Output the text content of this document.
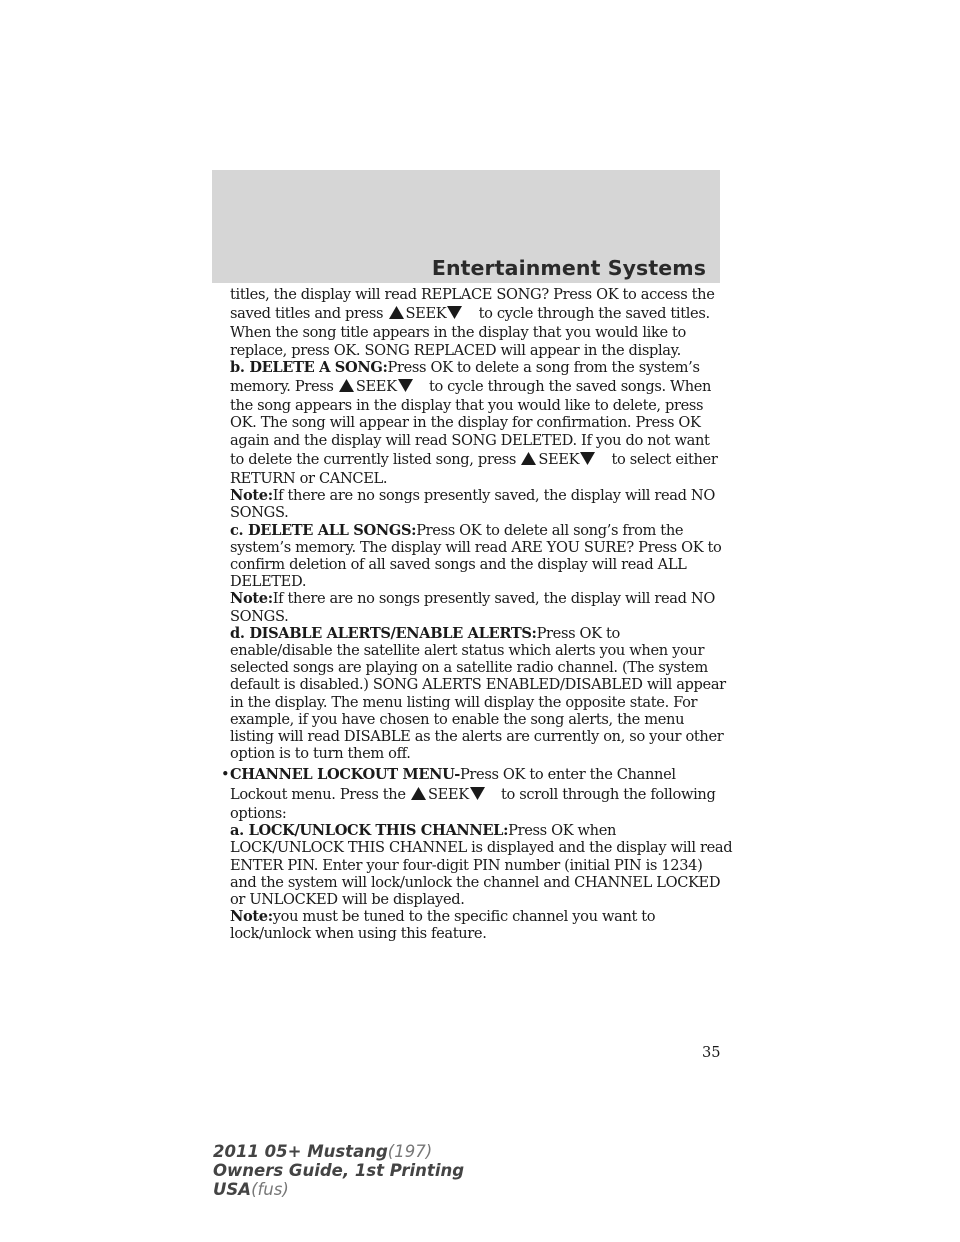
Entertainment Systems
titles, the display will read REPLACE SONG? Press OK to access the
saved titles and press SEEK to cycle through the saved titles.
When the song title appears in the display that you would like to
replace, press OK. SONG REPLACED will appear in the display.
b. DELETE A SONG:Press OK to delete a song from the system’s
memory. Press SEEK to cycle through the saved songs. When
the song appears in the display that you would like to delete, press
OK. The song will appear in the display for confirmation. Press OK
again and the display will read SONG DELETED. If you do not want
to delete the currently listed song, press SEEK to select either
RETURN or CANCEL.
Note:If there are no songs presently saved, the display will read NO
SONGS.
c. DELETE ALL SONGS:Press OK to delete all song’s from the
system’s memory. The display will read ARE YOU SURE? Press OK to
confirm deletion of all saved songs and the display will read ALL
DELETED.
Note:If there are no songs presently saved, the display will read NO
SONGS.
d. DISABLE ALERTS/ENABLE ALERTS:Press OK to
enable/disable the satellite alert status which alerts you when your
selected songs are playing on a satellite radio channel. (The system
default is disabled.) SONG ALERTS ENABLED/DISABLED will appear
in the display. The menu listing will display the opposite state. For
example, if you have chosen to enable the song alerts, the menu
listing will read DISABLE as the alerts are currently on, so your other
option is to turn them off.
• CHANNEL LOCKOUT MENU-Press OK to enter the Channel
Lockout menu. Press the SEEK to scroll through the following
options:
a. LOCK/UNLOCK THIS CHANNEL:Press OK when
LOCK/UNLOCK THIS CHANNEL is displayed and the display will read
ENTER PIN. Enter your four-digit PIN number (initial PIN is 1234)
and the system will lock/unlock the channel and CHANNEL LOCKED
or UNLOCKED will be displayed.
Note:you must be tuned to the specific channel you want to
lock/unlock when using this feature.
35
2011 05+ Mustang(197)
Owners Guide, 1st Printing
USA(fus)
